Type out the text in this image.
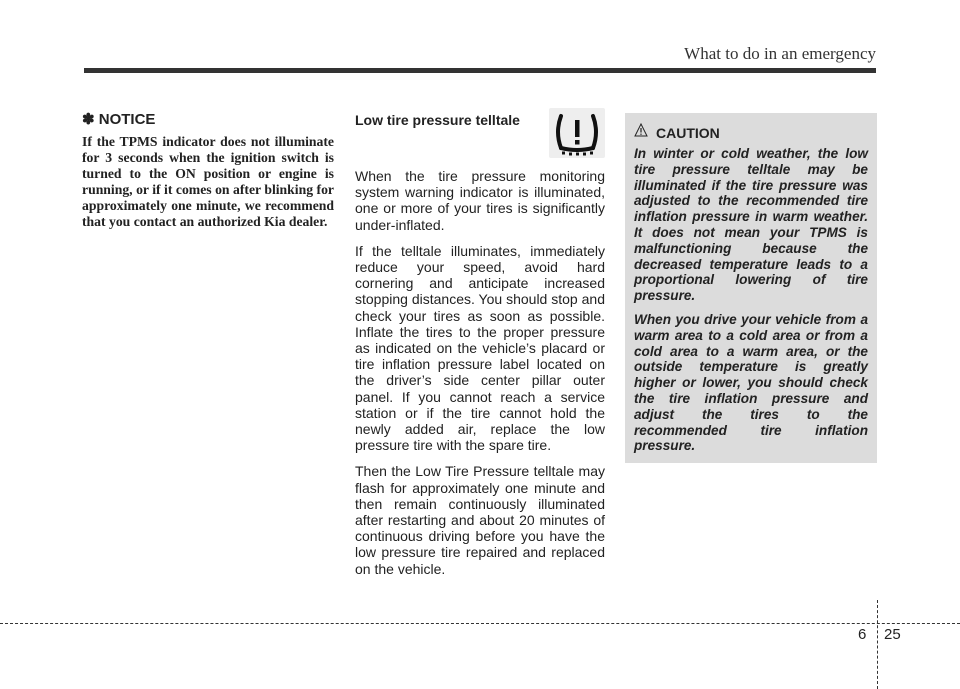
What to do in an emergency
✽ NOTICE
If the TPMS indicator does not illuminate for 3 seconds when the ignition switch is turned to the ON position or engine is running, or if it comes on after blinking for approximately one minute, we recommend that you contact an authorized Kia dealer.
Low tire pressure telltale

When the tire pressure monitoring system warning indicator is illuminated, one or more of your tires is significantly under-inflated.

If the telltale illuminates, immediately reduce your speed, avoid hard cornering and anticipate increased stopping distances. You should stop and check your tires as soon as possible. Inflate the tires to the proper pressure as indicated on the vehicle’s placard or tire inflation pressure label located on the driver’s side center pillar outer panel. If you cannot reach a service station or if the tire cannot hold the newly added air, replace the low pressure tire with the spare tire.

Then the Low Tire Pressure telltale may flash for approximately one minute and then remain continuously illuminated after restarting and about 20 minutes of continuous driving before you have the low pressure tire repaired and replaced on the vehicle.

CAUTION

In winter or cold weather, the low tire pressure telltale may be illuminated if the tire pressure was adjusted to the recommended tire inflation pressure in warm weather. It does not mean your TPMS is malfunctioning because the decreased temperature leads to a proportional lowering of tire pressure.

When you drive your vehicle from a warm area to a cold area or from a cold area to a warm area, or the outside temperature is greatly higher or lower, you should check the tire inflation pressure and adjust the tires to the recommended tire inflation pressure.

6 25
